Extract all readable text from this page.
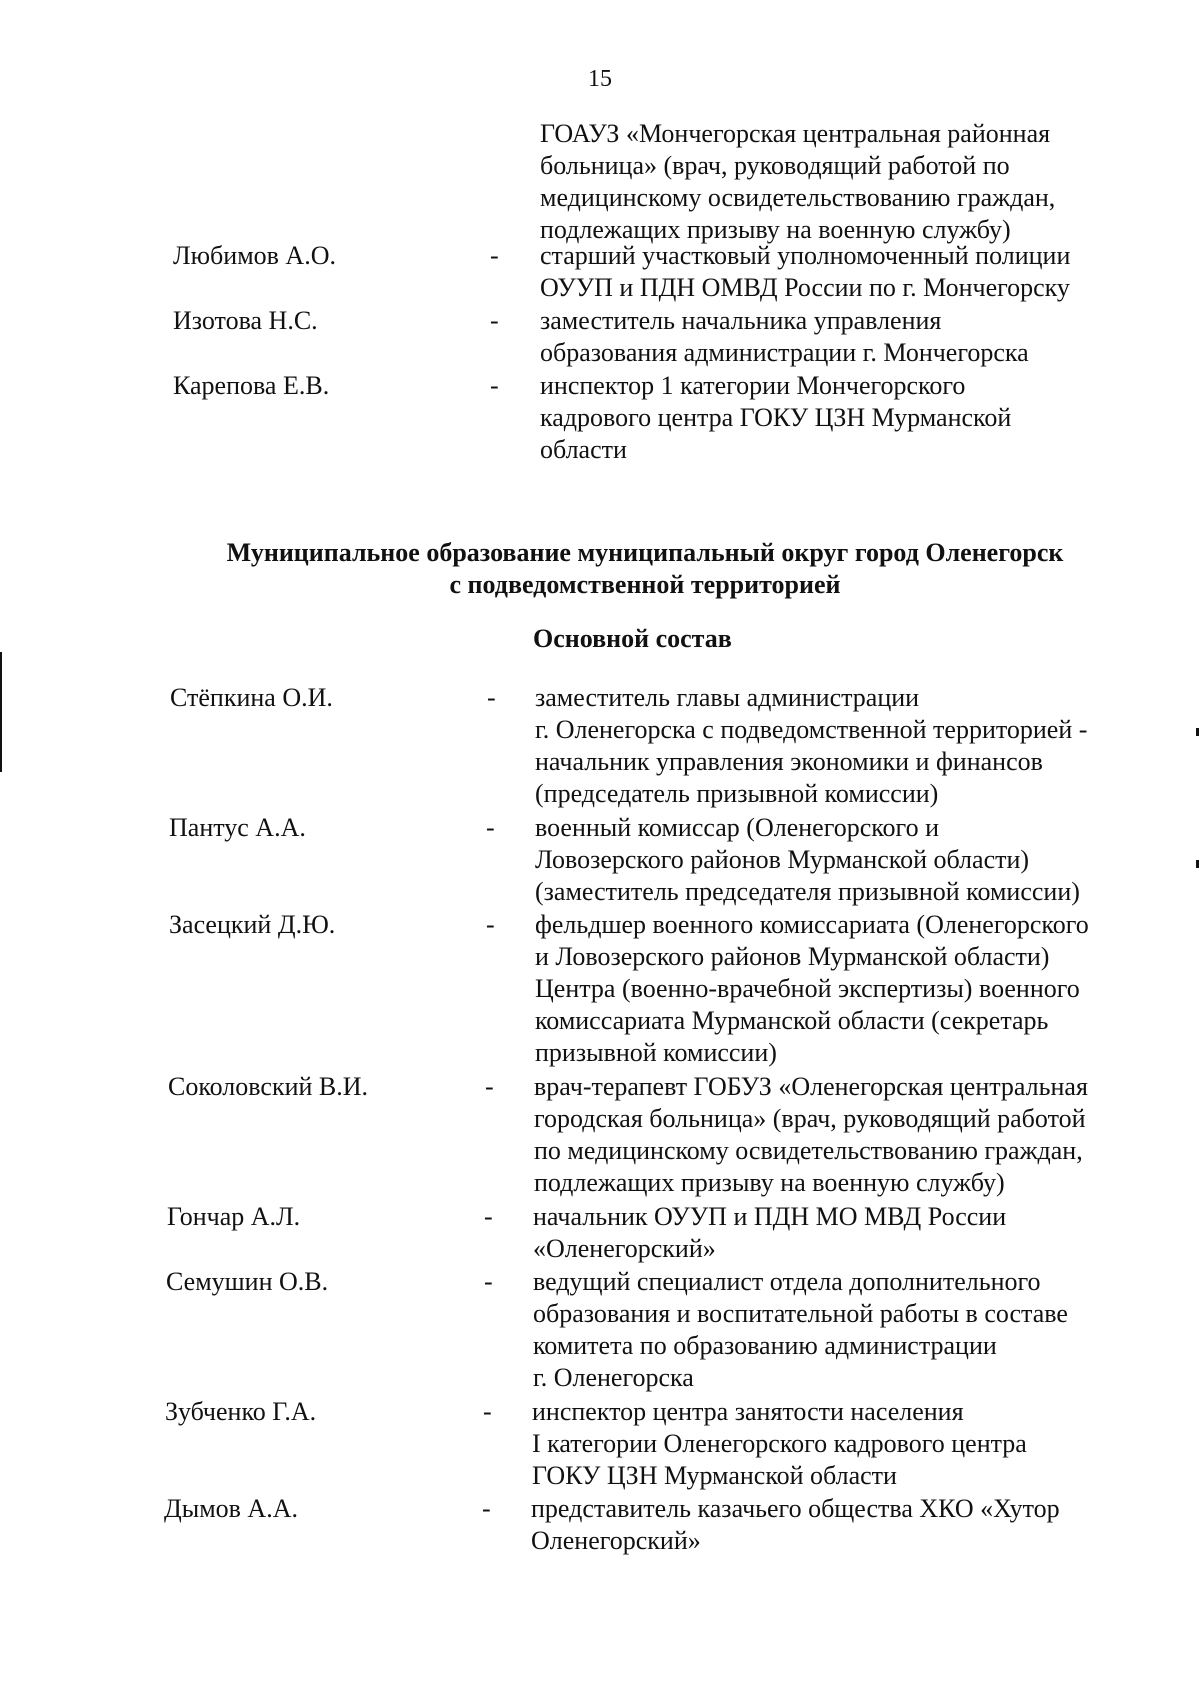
15
ГОАУЗ «Мончегорская центральная районная
больница» (врач, руководящий работой по
медицинскому освидетельствованию граждан,
подлежащих призыву на военную службу)
Любимов А.О.	- старший участковый уполномоченный полиции
ОУУП и ПДН ОМВД России по г. Мончегорску
Изотова Н.С.	- заместитель начальника управления
образования администрации г. Мончегорска
Карепова Е.В.	- инспектор 1 категории Мончегорского
кадрового центра ГОКУ ЦЗН Мурманской
области
Муниципальное образование муниципальный округ город Оленегорск
с подведомственной территорией
Основной состав
Стёпкина О.И.	- заместитель главы администрации
г. Оленегорска с подведомственной территорией -
начальник управления экономики и финансов
(председатель призывной комиссии)
Пантус А.А.	- военный комиссар (Оленегорского и
Ловозерского районов Мурманской области)
(заместитель председателя призывной комиссии)
Засецкий Д.Ю.	- фельдшер военного комиссариата (Оленегорского
и Ловозерского районов Мурманской области)
Центра (военно-врачебной экспертизы) военного
комиссариата Мурманской области (секретарь
призывной комиссии)
Соколовский В.И.	- врач-терапевт ГОБУЗ «Оленегорская центральная
городская больница» (врач, руководящий работой
по медицинскому освидетельствованию граждан,
подлежащих призыву на военную службу)
Гончар А.Л.	- начальник ОУУП и ПДН МО МВД России
«Оленегорский»
Семушин О.В.	- ведущий специалист отдела дополнительного
образования и воспитательной работы в составе
комитета по образованию администрации
г. Оленегорска
Зубченко Г.А.	- инспектор центра занятости населения
I категории Оленегорского кадрового центра
ГОКУ ЦЗН Мурманской области
Дымов А.А.	- представитель казачьего общества ХКО «Хутор
Оленегорский»
